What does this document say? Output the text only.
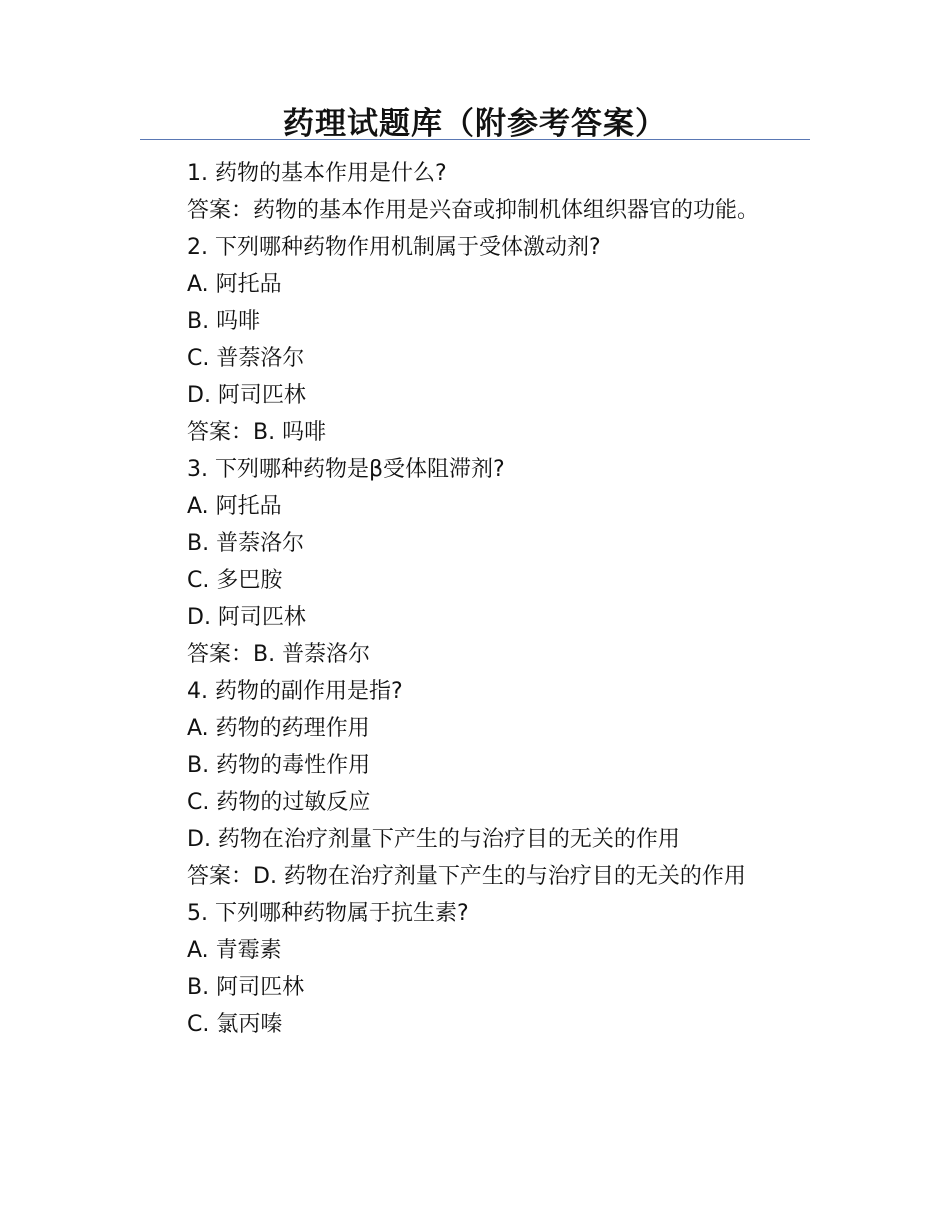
药理试题库（附参考答案）
1. 药物的基本作用是什么?
答案：药物的基本作用是兴奋或抑制机体组织器官的功能。
2. 下列哪种药物作用机制属于受体激动剂?
A. 阿托品
B. 吗啡
C. 普萘洛尔
D. 阿司匹林
答案：B. 吗啡
3. 下列哪种药物是β受体阻滞剂?
A. 阿托品
B. 普萘洛尔
C. 多巴胺
D. 阿司匹林
答案：B. 普萘洛尔
4. 药物的副作用是指?
A. 药物的药理作用
B. 药物的毒性作用
C. 药物的过敏反应
D. 药物在治疗剂量下产生的与治疗目的无关的作用
答案：D. 药物在治疗剂量下产生的与治疗目的无关的作用
5. 下列哪种药物属于抗生素?
A. 青霉素
B. 阿司匹林
C. 氯丙嗪
